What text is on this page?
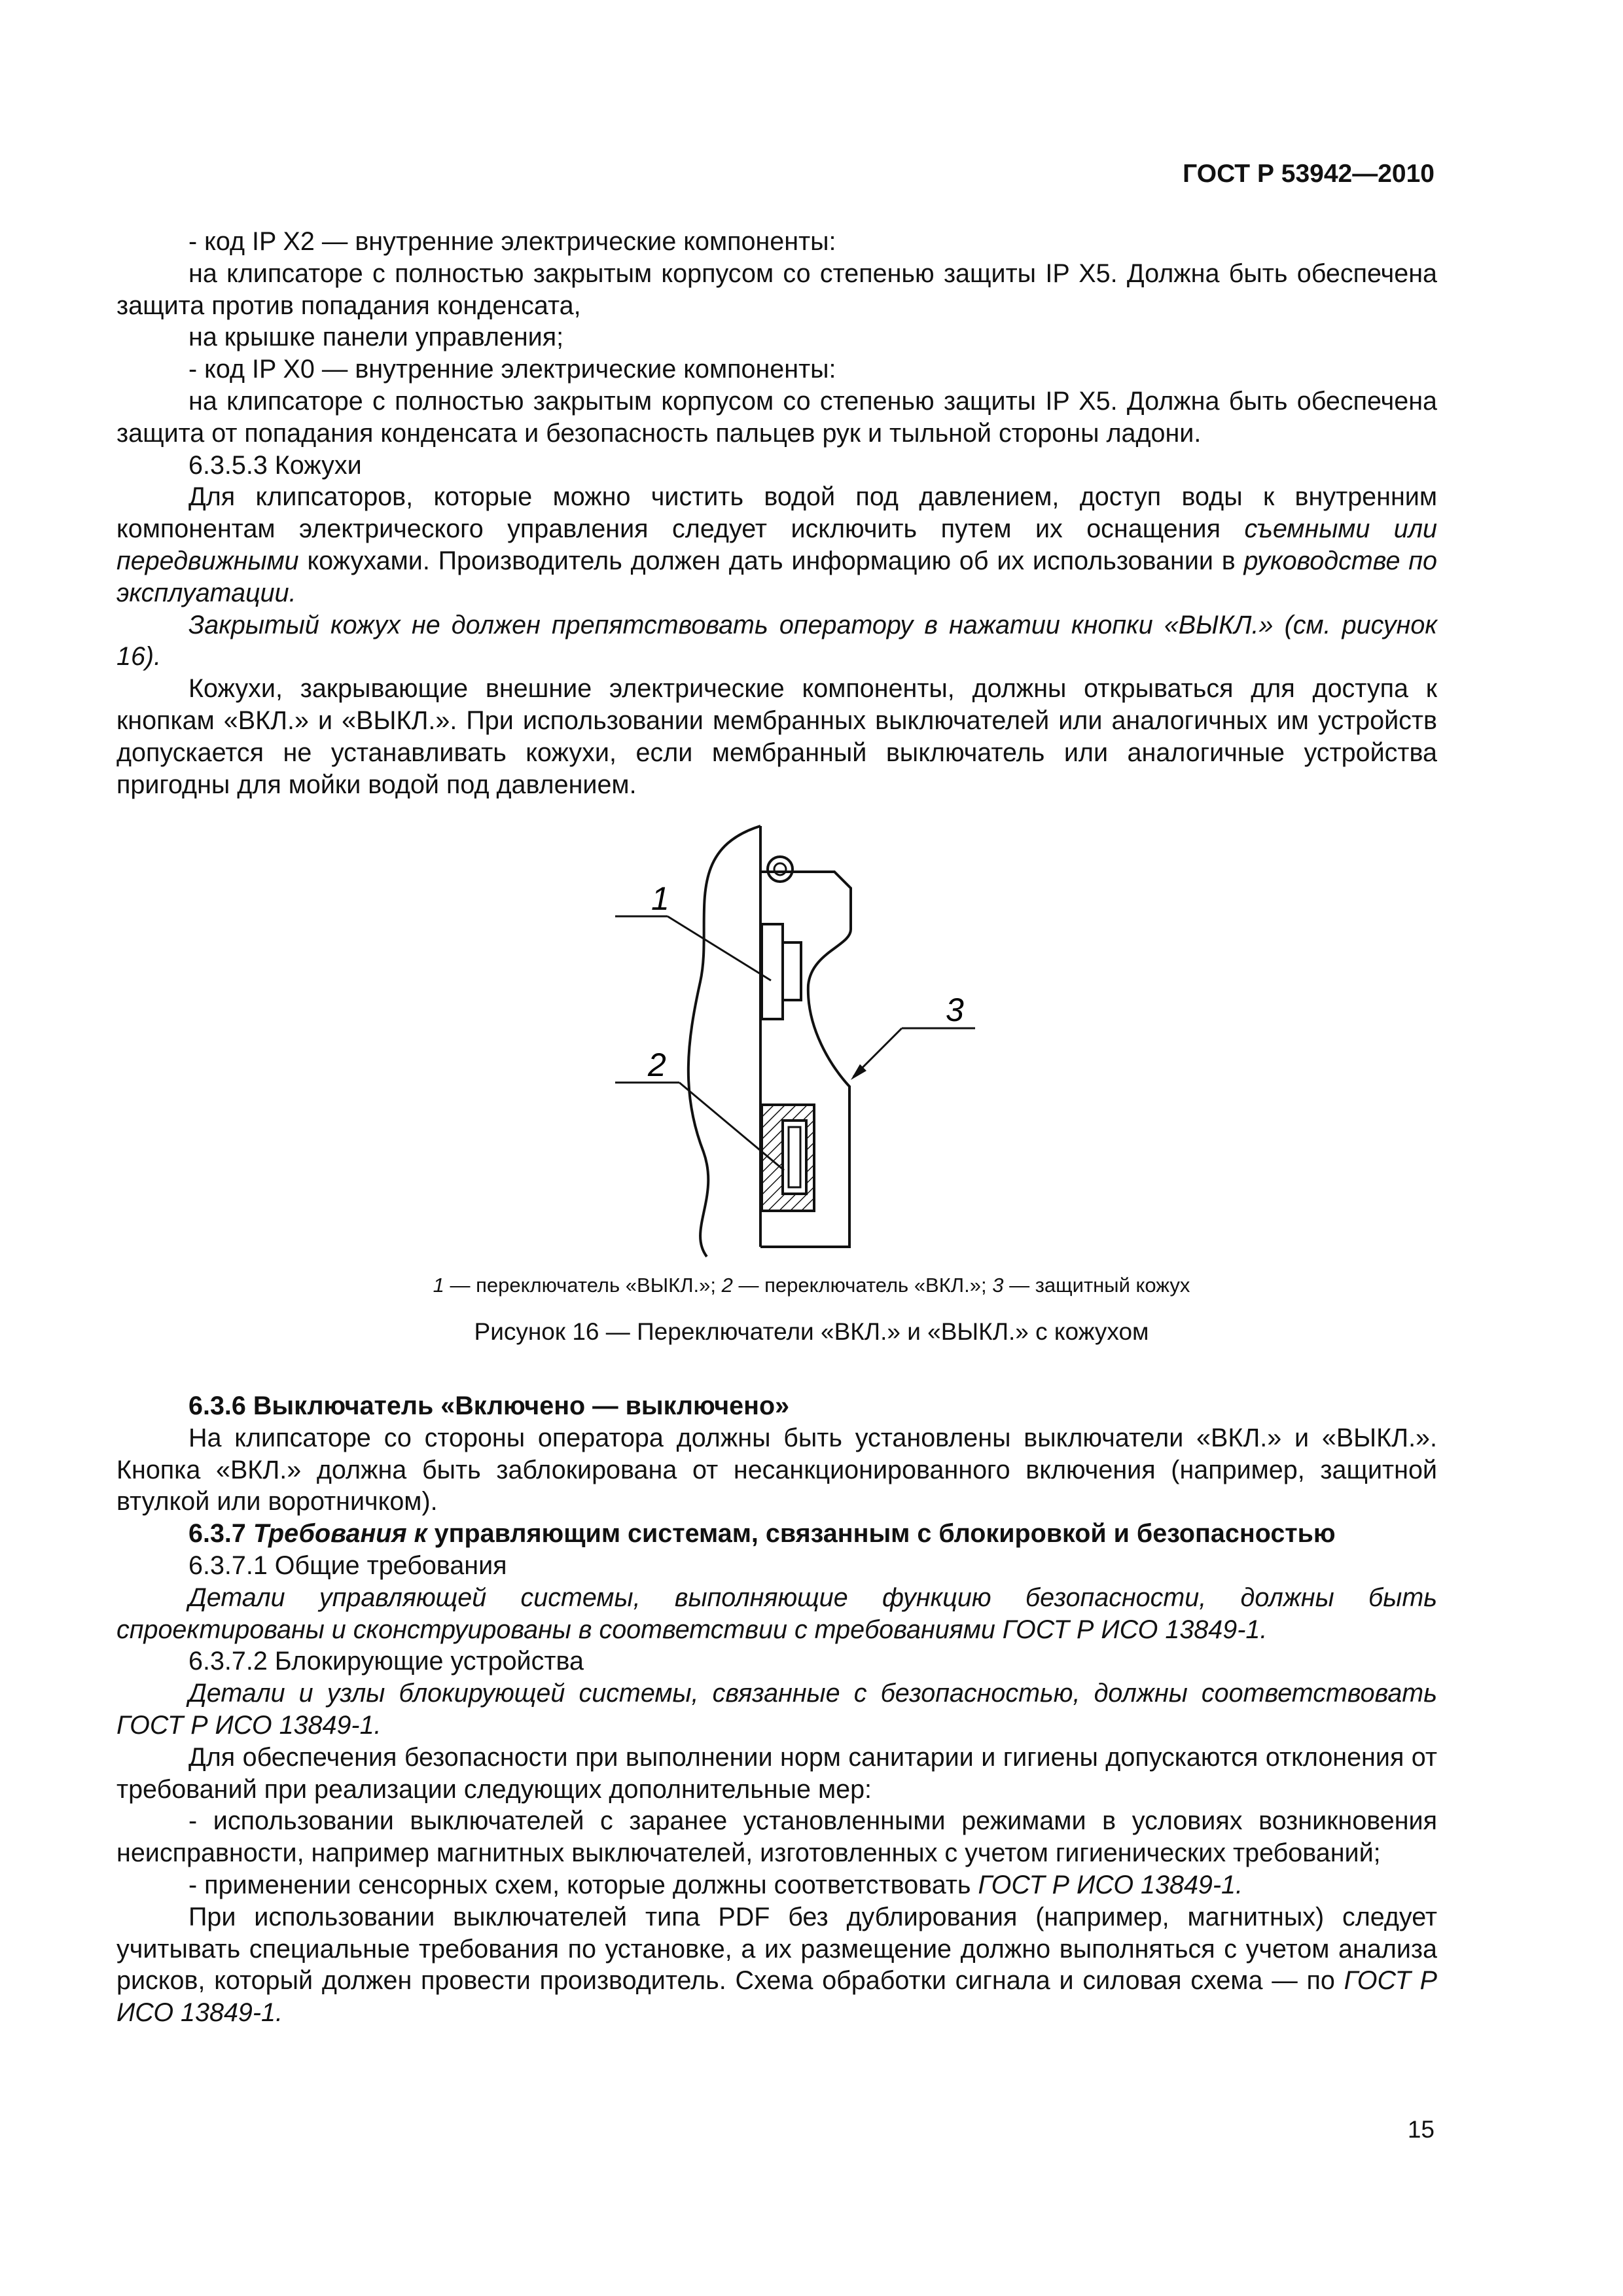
ГОСТ Р 53942—2010

- код IP X2 — внутренние электрические компоненты:

на клипсаторе с полностью закрытым корпусом со степенью защиты IP X5. Должна быть обеспечена защита против попадания конденсата,

на крышке панели управления;

- код IP X0 — внутренние электрические компоненты:

на клипсаторе с полностью закрытым корпусом со степенью защиты IP X5. Должна быть обеспечена защита от попадания конденсата и безопасность пальцев рук и тыльной стороны ладони.

6.3.5.3 Кожухи

Для клипсаторов, которые можно чистить водой под давлением, доступ воды к внутренним компонентам электрического управления следует исключить путем их оснащения съемными или передвижными кожухами. Производитель должен дать информацию об их использовании в руководстве по эксплуатации.

Закрытый кожух не должен препятствовать оператору в нажатии кнопки «ВЫКЛ.» (см. рисунок 16).

Кожухи, закрывающие внешние электрические компоненты, должны открываться для доступа к кнопкам «ВКЛ.» и «ВЫКЛ.». При использовании мембранных выключателей или аналогичных им устройств допускается не устанавливать кожухи, если мембранный выключатель или аналогичные устройства пригодны для мойки водой под давлением.

1
2
3
1 — переключатель «ВЫКЛ.»; 2 — переключатель «ВКЛ.»; 3 — защитный кожух
Рисунок 16 — Переключатели «ВКЛ.» и «ВЫКЛ.» с кожухом

6.3.6 Выключатель «Включено — выключено»

На клипсаторе со стороны оператора должны быть установлены выключатели «ВКЛ.» и «ВЫКЛ.». Кнопка «ВКЛ.» должна быть заблокирована от несанкционированного включения (например, защитной втулкой или воротничком).

6.3.7 Требования к управляющим системам, связанным с блокировкой и безопасностью

6.3.7.1 Общие требования

Детали управляющей системы, выполняющие функцию безопасности, должны быть спроектированы и сконструированы в соответствии с требованиями ГОСТ Р ИСО 13849-1.

6.3.7.2 Блокирующие устройства

Детали и узлы блокирующей системы, связанные с безопасностью, должны соответствовать ГОСТ Р ИСО 13849-1.

Для обеспечения безопасности при выполнении норм санитарии и гигиены допускаются отклонения от требований при реализации следующих дополнительные мер:

- использовании выключателей с заранее установленными режимами в условиях возникновения неисправности, например магнитных выключателей, изготовленных с учетом гигиенических требований;

- применении сенсорных схем, которые должны соответствовать ГОСТ Р ИСО 13849-1.

При использовании выключателей типа PDF без дублирования (например, магнитных) следует учитывать специальные требования по установке, а их размещение должно выполняться с учетом анализа рисков, который должен провести производитель. Схема обработки сигнала и силовая схема — по ГОСТ Р ИСО 13849-1.

15
